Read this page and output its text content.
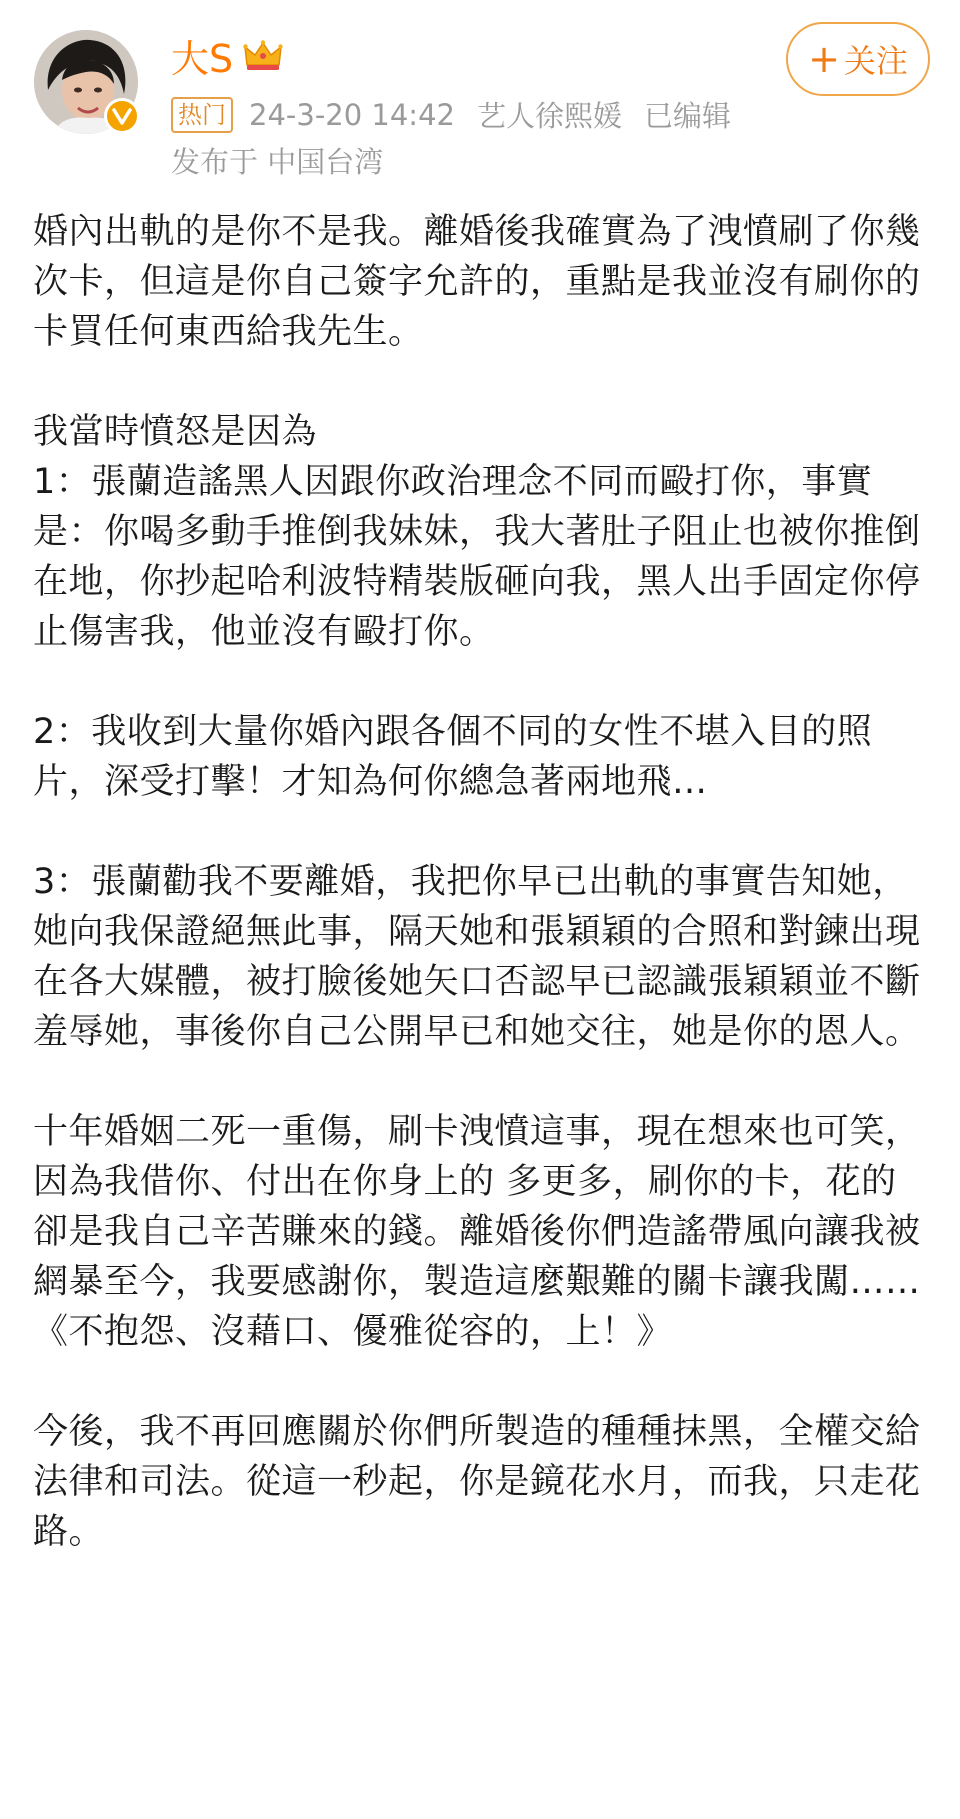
大S
热门 24-3-20 14:42 艺人徐熙媛 已编辑
发布于 中国台湾
+ 关注

婚內出軌的是你不是我。離婚後我確實為了洩憤刷了你幾次卡，但這是你自己簽字允許的，重點是我並沒有刷你的卡買任何東西給我先生。

我當時憤怒是因為
1：張蘭造謠黑人因跟你政治理念不同而毆打你，事實是：你喝多動手推倒我妹妹，我大著肚子阻止也被你推倒在地，你抄起哈利波特精裝版砸向我，黑人出手固定你停止傷害我，他並沒有毆打你。

2：我收到大量你婚內跟各個不同的女性不堪入目的照片，深受打擊！才知為何你總急著兩地飛…

3：張蘭勸我不要離婚，我把你早已出軌的事實告知她，她向我保證絕無此事，隔天她和張穎穎的合照和對鍊出現在各大媒體，被打臉後她矢口否認早已認識張穎穎並不斷羞辱她，事後你自己公開早已和她交往，她是你的恩人。

十年婚姻二死一重傷，刷卡洩憤這事，現在想來也可笑，因為我借你、付出在你身上的 多更多，刷你的卡，花的卻是我自己辛苦賺來的錢。離婚後你們造謠帶風向讓我被網暴至今，我要感謝你，製造這麼艱難的關卡讓我闖……《不抱怨、沒藉口、優雅從容的，上！》

今後，我不再回應關於你們所製造的種種抹黑，全權交給法律和司法。從這一秒起，你是鏡花水月，而我，只走花路。
